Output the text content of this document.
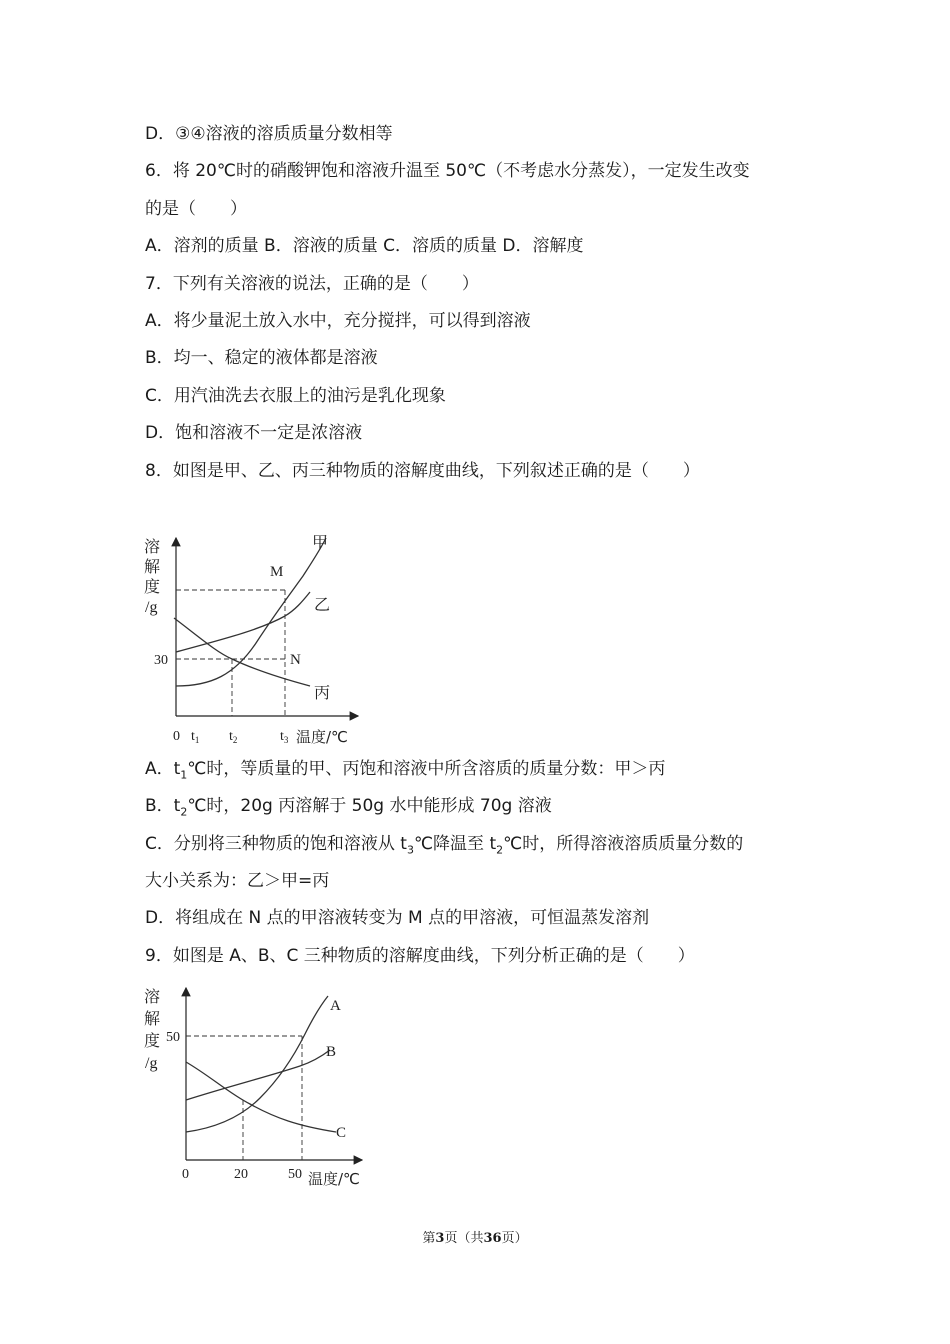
D．③④溶液的溶质质量分数相等
6．将 20℃时的硝酸钾饱和溶液升温至 50℃（不考虑水分蒸发），一定发生改变
的是（　　）
A．溶剂的质量 B．溶液的质量 C．溶质的质量 D．溶解度
7．下列有关溶液的说法，正确的是（　　）
A．将少量泥土放入水中，充分搅拌，可以得到溶液
B．均一、稳定的液体都是溶液
C．用汽油洗去衣服上的油污是乳化现象
D．饱和溶液不一定是浓溶液
8．如图是甲、乙、丙三种物质的溶解度曲线，下列叙述正确的是（　　）
溶
解
度
/g
30
0 $t_1$ $t_2$	$t_3$ 温度/℃
甲
乙
丙
M
N
A．$t_1℃$时，等质量的甲、丙饱和溶液中所含溶质的质量分数：甲＞丙
B．$t_2℃$时，20g 丙溶解于 50g 水中能形成 70g 溶液
C．分别将三种物质的饱和溶液从 $t_3℃$降温至 $t_2℃$时，所得溶液溶质质量分数的
大小关系为：乙＞甲=丙
D．将组成在 N 点的甲溶液转变为 M 点的甲溶液，可恒温蒸发溶剂
9．如图是 A、B、C 三种物质的溶解度曲线，下列分析正确的是（　　）
溶
解
度
/g
50
0	20	50 温度/℃
A
B
C
第3页（共36页）
